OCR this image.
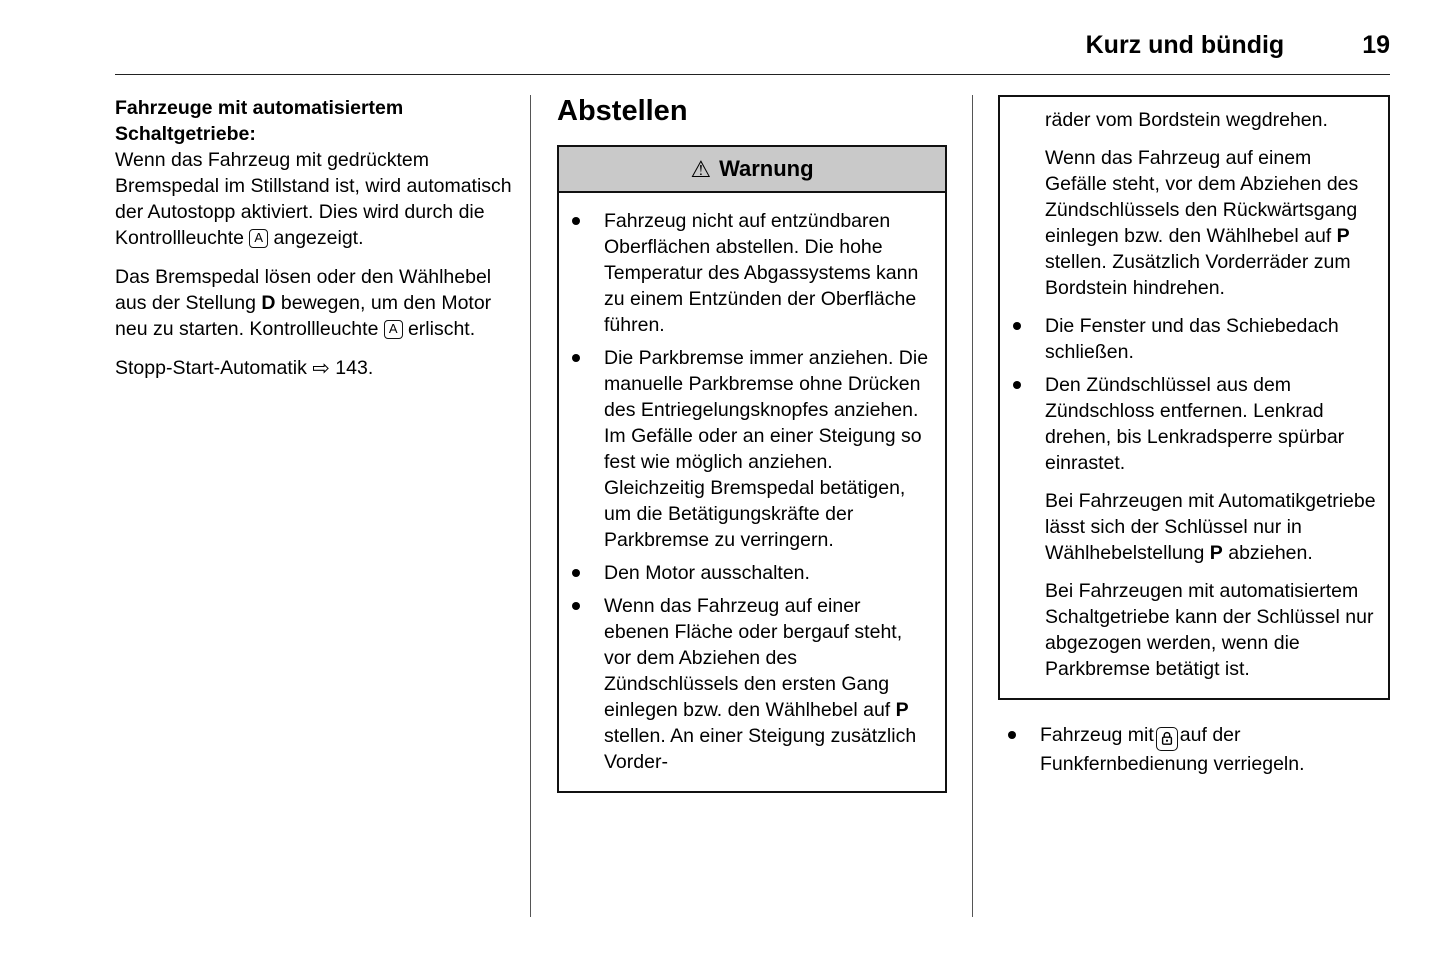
Kurz und bündig	19

Fahrzeuge mit automatisiertem Schaltgetriebe:

Wenn das Fahrzeug mit gedrücktem Bremspedal im Stillstand ist, wird automatisch der Autostopp aktiviert. Dies wird durch die Kontrollleuchte A angezeigt.

Das Bremspedal lösen oder den Wählhebel aus der Stellung D bewegen, um den Motor neu zu starten. Kontrollleuchte A erlischt.

Stopp-Start-Automatik ⇨ 143.

Abstellen
⚠ Warnung
Fahrzeug nicht auf entzündbaren Oberflächen abstellen. Die hohe Temperatur des Abgassystems kann zu einem Entzünden der Oberfläche führen.
Die Parkbremse immer anziehen. Die manuelle Parkbremse ohne Drücken des Entriegelungsknopfes anziehen. Im Gefälle oder an einer Steigung so fest wie möglich anziehen. Gleichzeitig Bremspedal betätigen, um die Betätigungskräfte der Parkbremse zu verringern.
Den Motor ausschalten.
Wenn das Fahrzeug auf einer ebenen Fläche oder bergauf steht, vor dem Abziehen des Zündschlüssels den ersten Gang einlegen bzw. den Wählhebel auf P stellen. An einer Steigung zusätzlich Vorder-

räder vom Bordstein wegdrehen.

Wenn das Fahrzeug auf einem Gefälle steht, vor dem Abziehen des Zündschlüssels den Rückwärtsgang einlegen bzw. den Wählhebel auf P stellen. Zusätzlich Vorderräder zum Bordstein hindrehen.

Die Fenster und das Schiebedach schließen.
Den Zündschlüssel aus dem Zündschloss entfernen. Lenkrad drehen, bis Lenkradsperre spürbar einrastet.

Bei Fahrzeugen mit Automatikgetriebe lässt sich der Schlüssel nur in Wählhebelstellung P abziehen.

Bei Fahrzeugen mit automatisiertem Schaltgetriebe kann der Schlüssel nur abgezogen werden, wenn die Parkbremse betätigt ist.

Fahrzeug mit auf der Funkfernbedienung verriegeln.
